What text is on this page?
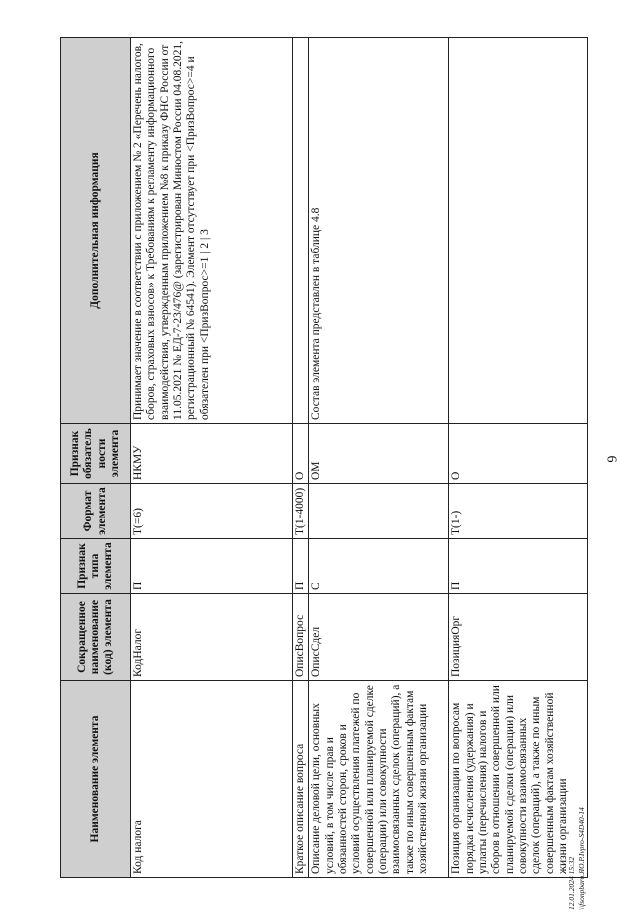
6
Наименование элемента	Сокращенное наименование (код) элемента	Признак типа элемента	Формат элемента	Признак обязательности элемента	Дополнительная информация
Код налога	КодНалог	П	T(=6)	НКМУ	Принимает значение в соответствии с приложением № 2 «Перечень налогов, сборов, страховых взносов» к Требованиям к регламенту информационного взаимодействия, утвержденным приложением №8 к приказу ФНС России от 11.05.2021 № ЕД-7-23/476@ (зарегистрирован Минюстом России 04.08.2021, регистрационный № 64541). Элемент отсутствует при <ПризВопрос>=4 и обязателен при <ПризВопрос>=1 | 2 | 3
Краткое описание вопроса	ОписВопрос	П	T(1-4000)	О	
Описание деловой цели, основных условий, в том числе прав и обязанностей сторон, сроков и условий осуществления платежей по совершенной или планируемой сделке (операции) или совокупности взаимосвязанных сделок (операций), а также по иным совершенным фактам хозяйственной жизни организации	ОписСдел	С		ОМ	Состав элемента представлен в таблице 4.8
Позиция организации по вопросам порядка исчисления (удержания) и уплаты (перечисления) налогов и сборов в отношении совершенной или планируемой сделки (операции) или совокупности взаимосвязанных сделок (операций), а также по иным совершенным фактам хозяйственной жизни организации	ПозицияОрг	П	T(1-)	О	
12.01.2024 15:32 \\fsonpbaro.ЯО.P.Ivpro-S4D40-14
